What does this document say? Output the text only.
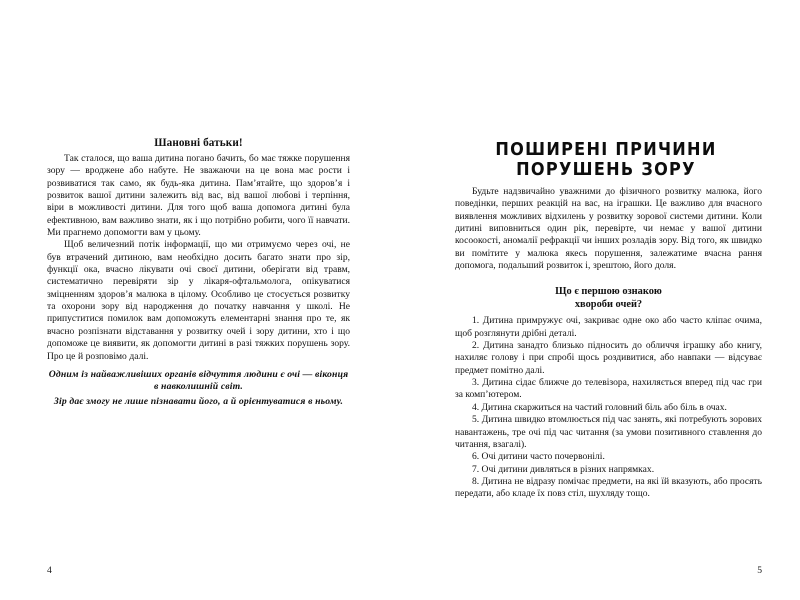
Шановні батьки!

Так сталося, що ваша дитина погано бачить, бо має тяжке порушення зору — вроджене або набуте. Не зважаючи на це вона має рости і розвиватися так само, як будь-яка дитина. Пам’ятайте, що здоров’я і розвиток вашої дитини залежить від вас, від вашої любові і терпіння, віри в можливості дитини. Для того щоб ваша допомога дитині була ефективною, вам важливо знати, як і що потрібно робити, чого її навчати. Ми прагнемо допомогти вам у цьому.

Щоб величезний потік інформації, що ми отримуємо через очі, не був втрачений дитиною, вам необхідно досить багато знати про зір, функції ока, вчасно лікувати очі своєї дитини, оберігати від травм, систематично перевіряти зір у лікаря-офтальмолога, опікуватися зміцненням здоров’я малюка в цілому. Особливо це стосується розвитку та охорони зору від народження до початку навчання у школі. Не припуститися помилок вам допоможуть елементарні знання про те, як вчасно розпізнати відставання у розвитку очей і зору дитини, хто і що допоможе це виявити, як допомогти дитині в разі тяжких порушень зору. Про це й розповімо далі.

Одним із найважливіших органів відчуття людини є очі — віконця в навколишній світ.

Зір дає змогу не лише пізнавати його, а й орієнтуватися в ньому.

4
ПОШИРЕНІ ПРИЧИНИ
ПОРУШЕНЬ ЗОРУ

Будьте надзвичайно уважними до фізичного розвитку малюка, його поведінки, перших реакцій на вас, на іграшки. Це важливо для вчасного виявлення можливих відхилень у розвитку зорової системи дитини. Коли дитині виповниться один рік, перевірте, чи немає у вашої дитини косоокості, аномалії рефракції чи інших розладів зору. Від того, як швидко ви помітите у малюка якесь порушення, залежатиме вчасна рання допомога, подальший розвиток і, зрештою, його доля.

Що є першою ознакою
хвороби очей?
1. Дитина примружує очі, закриває одне око або часто кліпає очима, щоб розглянути дрібні деталі.
2. Дитина занадто близько підносить до обличчя іграшку або книгу, нахиляє голову і при спробі щось роздивитися, або навпаки — відсуває предмет помітно далі.
3. Дитина сідає ближче до телевізора, нахиляється вперед під час гри за комп’ютером.
4. Дитина скаржиться на частий головний біль або біль в очах.
5. Дитина швидко втомлюється під час занять, які потребують зорових навантажень, тре очі під час читання (за умови позитивного ставлення до читання, взагалі).
6. Очі дитини часто почервонілі.
7. Очі дитини дивляться в різних напрямках.
8. Дитина не відразу помічає предмети, на які їй вказують, або просять передати, або кладе їх повз стіл, шухляду тощо.
5
